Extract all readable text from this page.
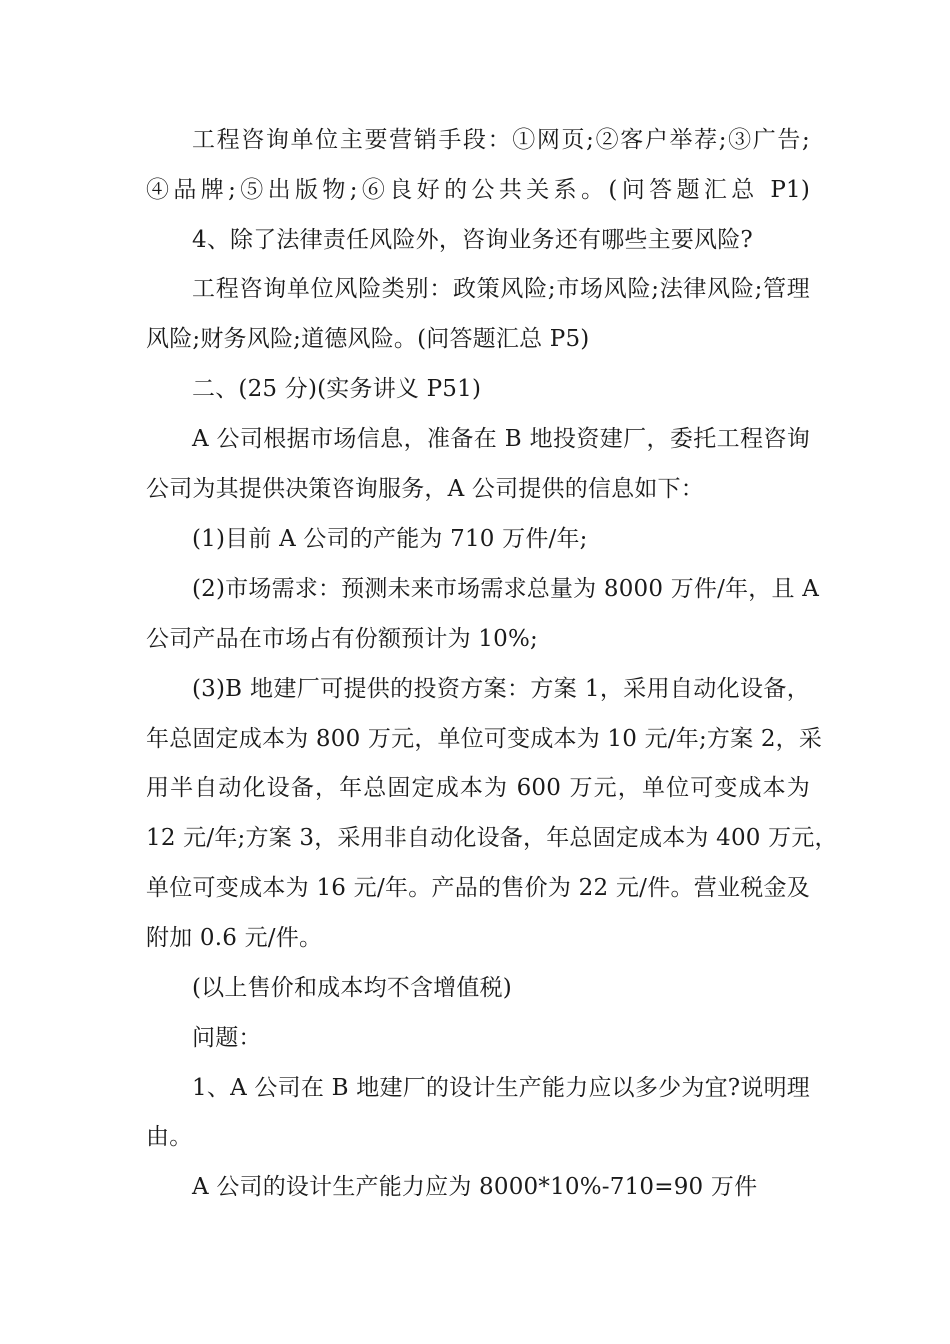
工程咨询单位主要营销手段：①网页;②客户举荐;③广告;
④品牌;⑤出版物;⑥良好的公共关系。(问答题汇总 P1)
4、除了法律责任风险外，咨询业务还有哪些主要风险?
工程咨询单位风险类别：政策风险;市场风险;法律风险;管理
风险;财务风险;道德风险。(问答题汇总 P5)
二、(25 分)(实务讲义 P51)
A 公司根据市场信息，准备在 B 地投资建厂，委托工程咨询
公司为其提供决策咨询服务，A 公司提供的信息如下：
(1)目前 A 公司的产能为 710 万件/年;
(2)市场需求：预测未来市场需求总量为 8000 万件/年，且 A
公司产品在市场占有份额预计为 10%;
(3)B 地建厂可提供的投资方案：方案 1，采用自动化设备，
年总固定成本为 800 万元，单位可变成本为 10 元/年;方案 2，采
用半自动化设备，年总固定成本为 600 万元，单位可变成本为
12 元/年;方案 3，采用非自动化设备，年总固定成本为 400 万元，
单位可变成本为 16 元/年。产品的售价为 22 元/件。营业税金及
附加 0.6 元/件。
(以上售价和成本均不含增值税)
问题：
1、A 公司在 B 地建厂的设计生产能力应以多少为宜?说明理
由。
A 公司的设计生产能力应为 8000*10%-710=90 万件
